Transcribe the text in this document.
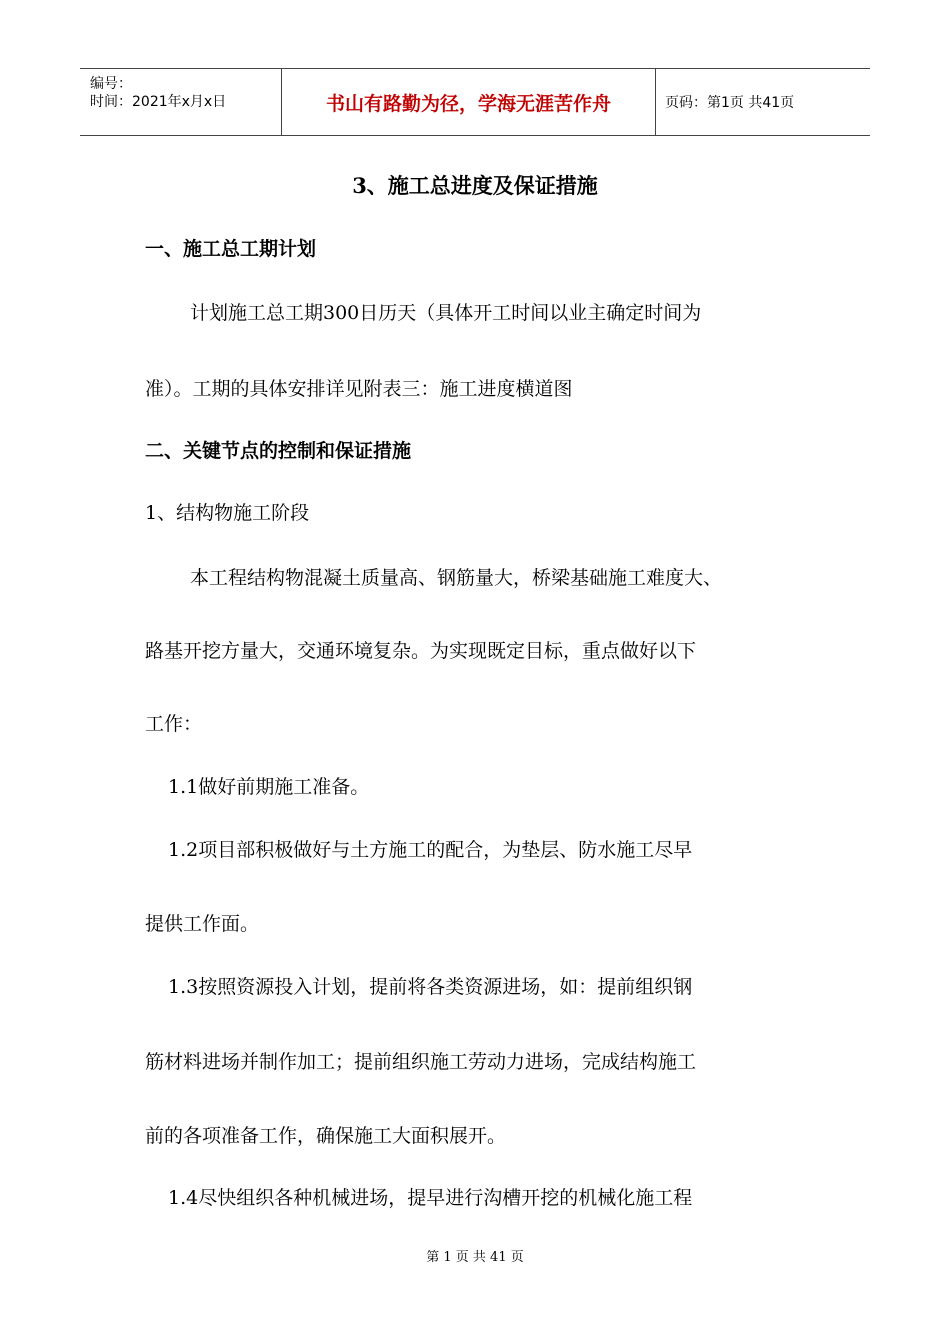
编号：
时间：2021年x月x日	书山有路勤为径，学海无涯苦作舟	页码：第1页 共41页
3、施工总进度及保证措施
一、施工总工期计划
计划施工总工期300日历天（具体开工时间以业主确定时间为
准）。工期的具体安排详见附表三：施工进度横道图
二、关键节点的控制和保证措施
1、结构物施工阶段
本工程结构物混凝土质量高、钢筋量大，桥梁基础施工难度大、
路基开挖方量大，交通环境复杂。为实现既定目标，重点做好以下
工作：
1.1做好前期施工准备。
1.2项目部积极做好与土方施工的配合，为垫层、防水施工尽早
提供工作面。
1.3按照资源投入计划，提前将各类资源进场，如：提前组织钢
筋材料进场并制作加工；提前组织施工劳动力进场，完成结构施工
前的各项准备工作，确保施工大面积展开。
1.4尽快组织各种机械进场，提早进行沟槽开挖的机械化施工程
第 1 页 共 41 页
